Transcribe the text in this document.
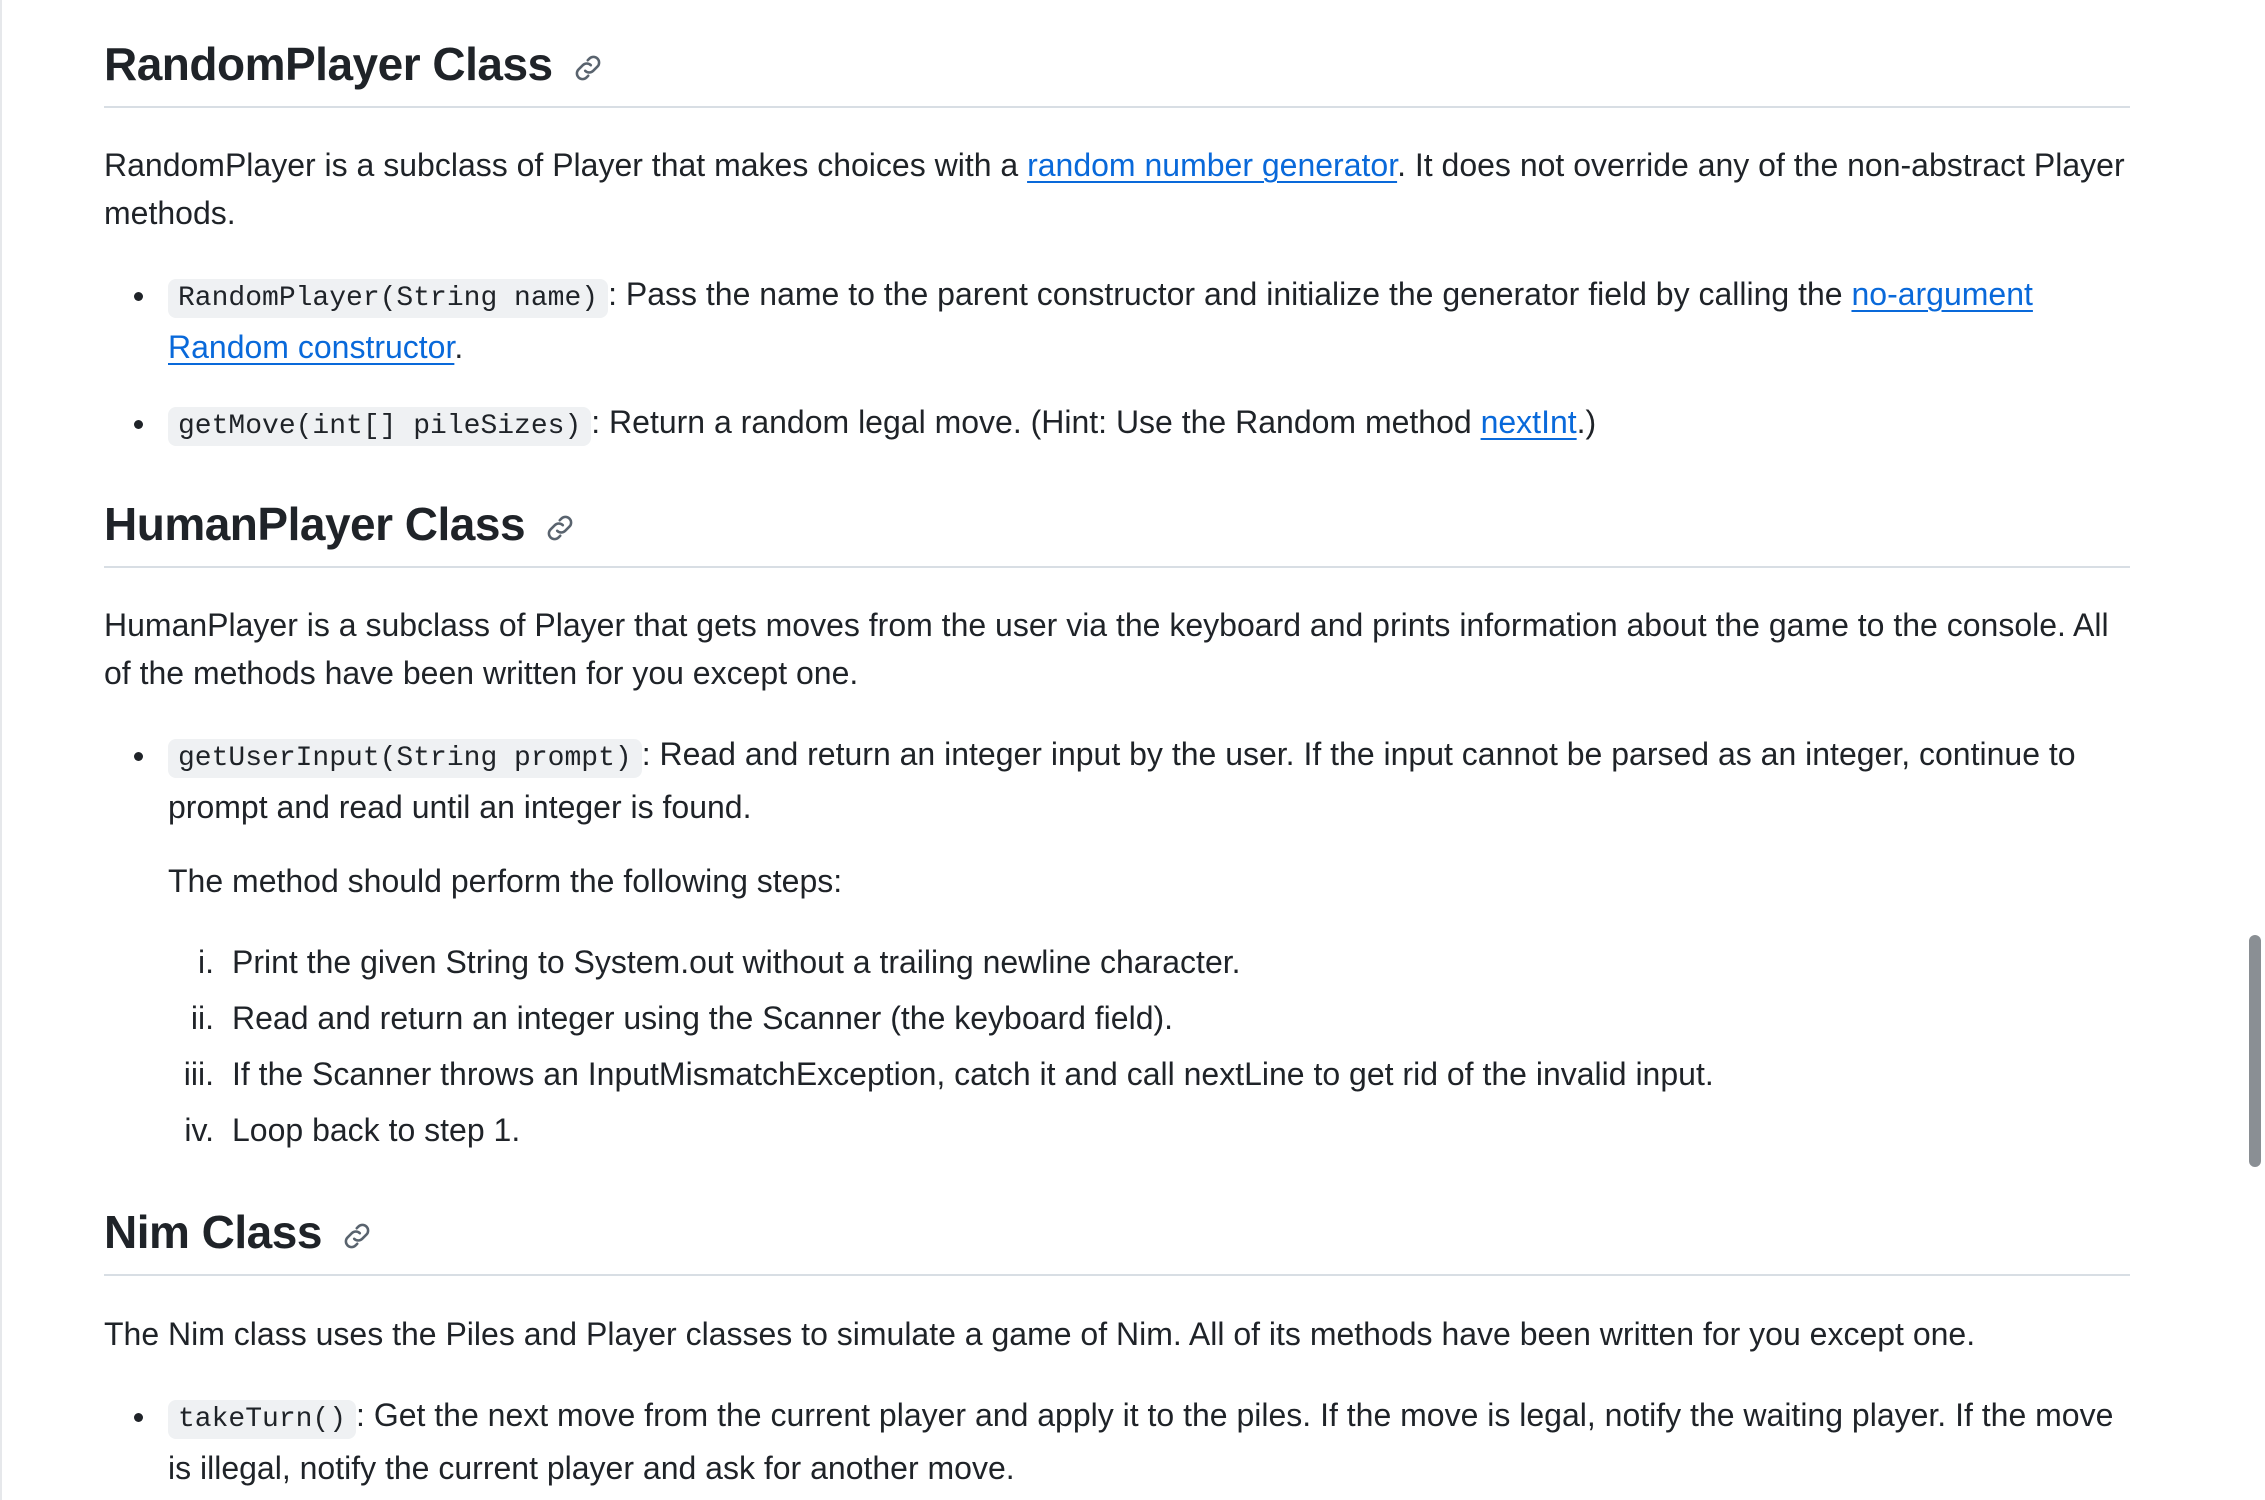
RandomPlayer Class

RandomPlayer is a subclass of Player that makes choices with a random number generator. It does not override any of the non-abstract Player methods.

RandomPlayer(String name) : Pass the name to the parent constructor and initialize the generator field by calling the no-argument Random constructor.

getMove(int[] pileSizes) : Return a random legal move. (Hint: Use the Random method nextInt.)

HumanPlayer Class

HumanPlayer is a subclass of Player that gets moves from the user via the keyboard and prints information about the game to the console. All of the methods have been written for you except one.

getUserInput(String prompt) : Read and return an integer input by the user. If the input cannot be parsed as an integer, continue to prompt and read until an integer is found.

The method should perform the following steps:

i. Print the given String to System.out without a trailing newline character.
ii. Read and return an integer using the Scanner (the keyboard field).
iii. If the Scanner throws an InputMismatchException, catch it and call nextLine to get rid of the invalid input.
iv. Loop back to step 1.
Nim Class

The Nim class uses the Piles and Player classes to simulate a game of Nim. All of its methods have been written for you except one.

takeTurn() : Get the next move from the current player and apply it to the piles. If the move is legal, notify the waiting player. If the move is illegal, notify the current player and ask for another move.
